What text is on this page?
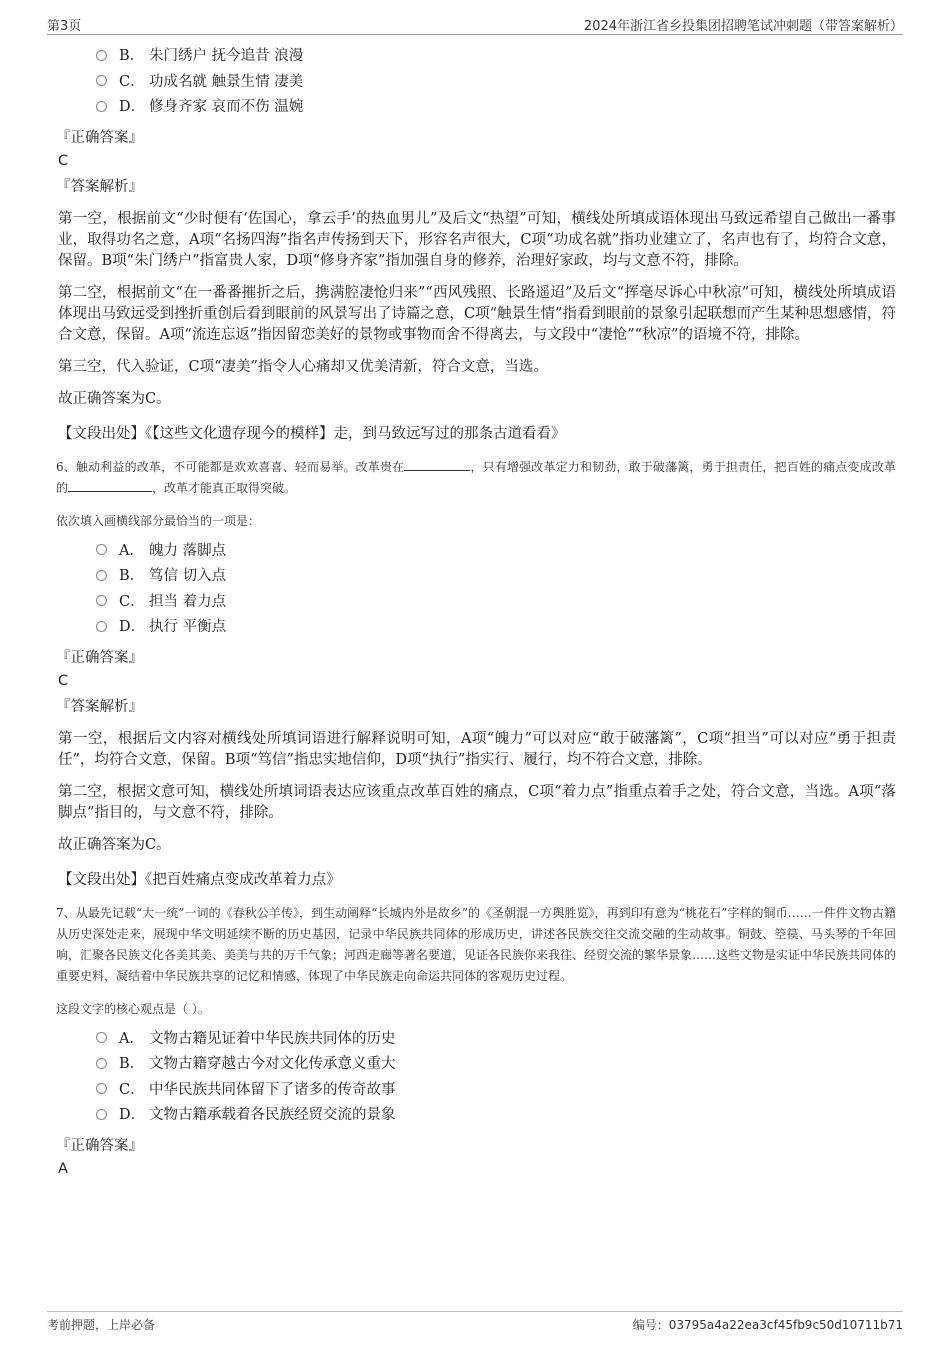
第3页	2024年浙江省乡投集团招聘笔试冲刺题（带答案解析）
B． 朱门绣户 抚今追昔 浪漫
C． 功成名就 触景生情 凄美
D． 修身齐家 哀而不伤 温婉
『正确答案』
C
『答案解析』

第一空，根据前文“少时便有‘佐国心，拿云手’的热血男儿”及后文“热望”可知，横线处所填成语体现出马致远希望自己做出一番事业，取得功名之意，A项“名扬四海”指名声传扬到天下，形容名声很大，C项“功成名就”指功业建立了，名声也有了，均符合文意，保留。B项“朱门绣户”指富贵人家，D项“修身齐家”指加强自身的修养，治理好家政，均与文意不符，排除。

第二空，根据前文“在一番番摧折之后，携满腔凄怆归来”“西风残照、长路遥迢”及后文“挥毫尽诉心中秋凉”可知，横线处所填成语体现出马致远受到挫折重创后看到眼前的风景写出了诗篇之意，C项“触景生情”指看到眼前的景象引起联想而产生某种思想感情，符合文意，保留。A项“流连忘返”指因留恋美好的景物或事物而舍不得离去，与文段中“凄怆”“秋凉”的语境不符，排除。

第三空，代入验证，C项“凄美”指令人心痛却又优美清新，符合文意，当选。

故正确答案为C。

【文段出处】《【这些文化遗存现今的模样】走，到马致远写过的那条古道看看》
6、触动利益的改革，不可能都是欢欢喜喜、轻而易举。改革贵在	，只有增强改革定力和韧劲，敢于破藩篱，勇于担责任，把百姓的痛点变成改革的	，改革才能真正取得突破。
依次填入画横线部分最恰当的一项是：
A． 魄力 落脚点
B． 笃信 切入点
C． 担当 着力点
D． 执行 平衡点
『正确答案』
C
『答案解析』

第一空，根据后文内容对横线处所填词语进行解释说明可知，A项“魄力”可以对应“敢于破藩篱”，C项“担当”可以对应“勇于担责任”，均符合文意，保留。B项“笃信”指忠实地信仰，D项“执行”指实行、履行，均不符合文意，排除。

第二空，根据文意可知，横线处所填词语表达应该重点改革百姓的痛点，C项“着力点”指重点着手之处，符合文意，当选。A项“落脚点”指目的，与文意不符，排除。

故正确答案为C。

【文段出处】《把百姓痛点变成改革着力点》
7、从最先记载“大一统”一词的《春秋公羊传》，到生动阐释“长城内外是故乡”的《圣朝混一方舆胜览》，再到印有意为“桃花石”字样的铜币……一件件文物古籍从历史深处走来，展现中华文明延续不断的历史基因，记录中华民族共同体的形成历史，讲述各民族交往交流交融的生动故事。铜鼓、箜篌、马头琴的千年回响，汇聚各民族文化各美其美、美美与共的万千气象；河西走廊等著名要道，见证各民族你来我往、经贸交流的繁华景象……这些文物是实证中华民族共同体的重要史料，凝结着中华民族共享的记忆和情感，体现了中华民族走向命运共同体的客观历史过程。
这段文字的核心观点是（ ）。
A． 文物古籍见证着中华民族共同体的历史
B． 文物古籍穿越古今对文化传承意义重大
C． 中华民族共同体留下了诸多的传奇故事
D． 文物古籍承载着各民族经贸交流的景象
『正确答案』
A
考前押题，上岸必备	编号：03795a4a22ea3cf45fb9c50d10711b71
